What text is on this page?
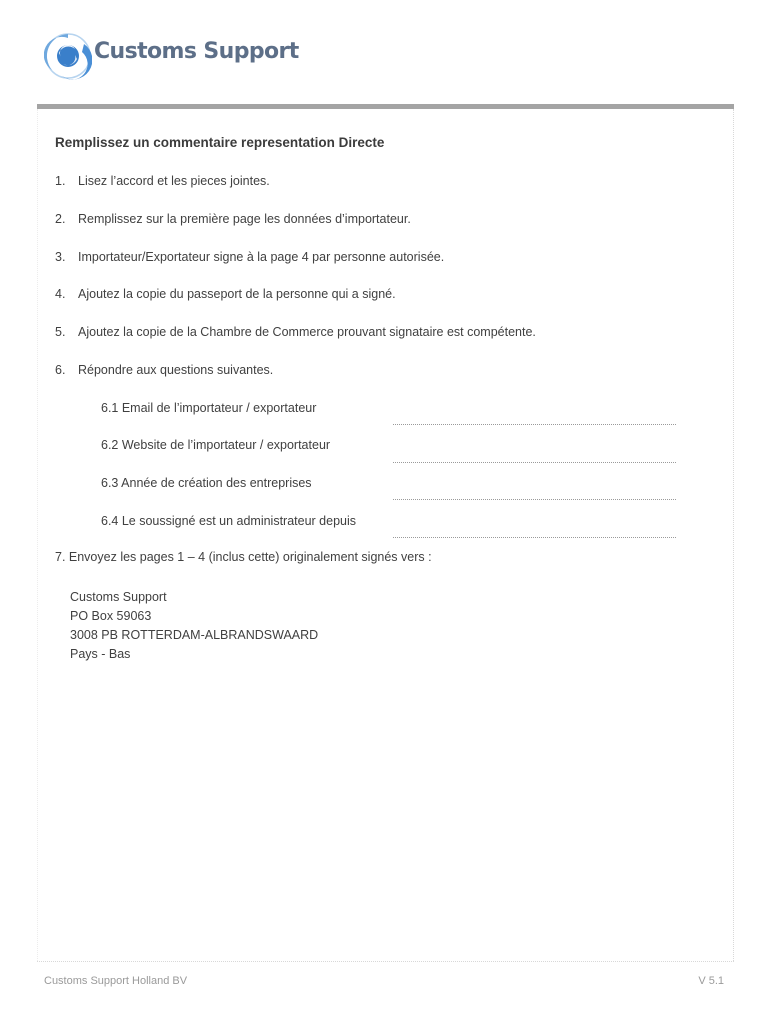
Customs Support
Remplissez un commentaire representation Directe
1. Lisez l’accord et les pieces jointes.
2. Remplissez sur la première page les données d’importateur.
3. Importateur/Exportateur signe à la page 4 par personne autorisée.
4. Ajoutez la copie du passeport de la personne qui a signé.
5. Ajoutez la copie de la Chambre de Commerce prouvant signataire est compétente.
6. Répondre aux questions suivantes.
6.1 Email de l’importateur / exportateur
6.2 Website de l’importateur / exportateur
6.3 Année de création des entreprises
6.4 Le soussigné est un administrateur depuis
7. Envoyez les pages 1 – 4 (inclus cette) originalement signés vers :
Customs Support
PO Box 59063
3008 PB ROTTERDAM-ALBRANDSWAARD
Pays - Bas
Customs Support Holland BV	V 5.1
